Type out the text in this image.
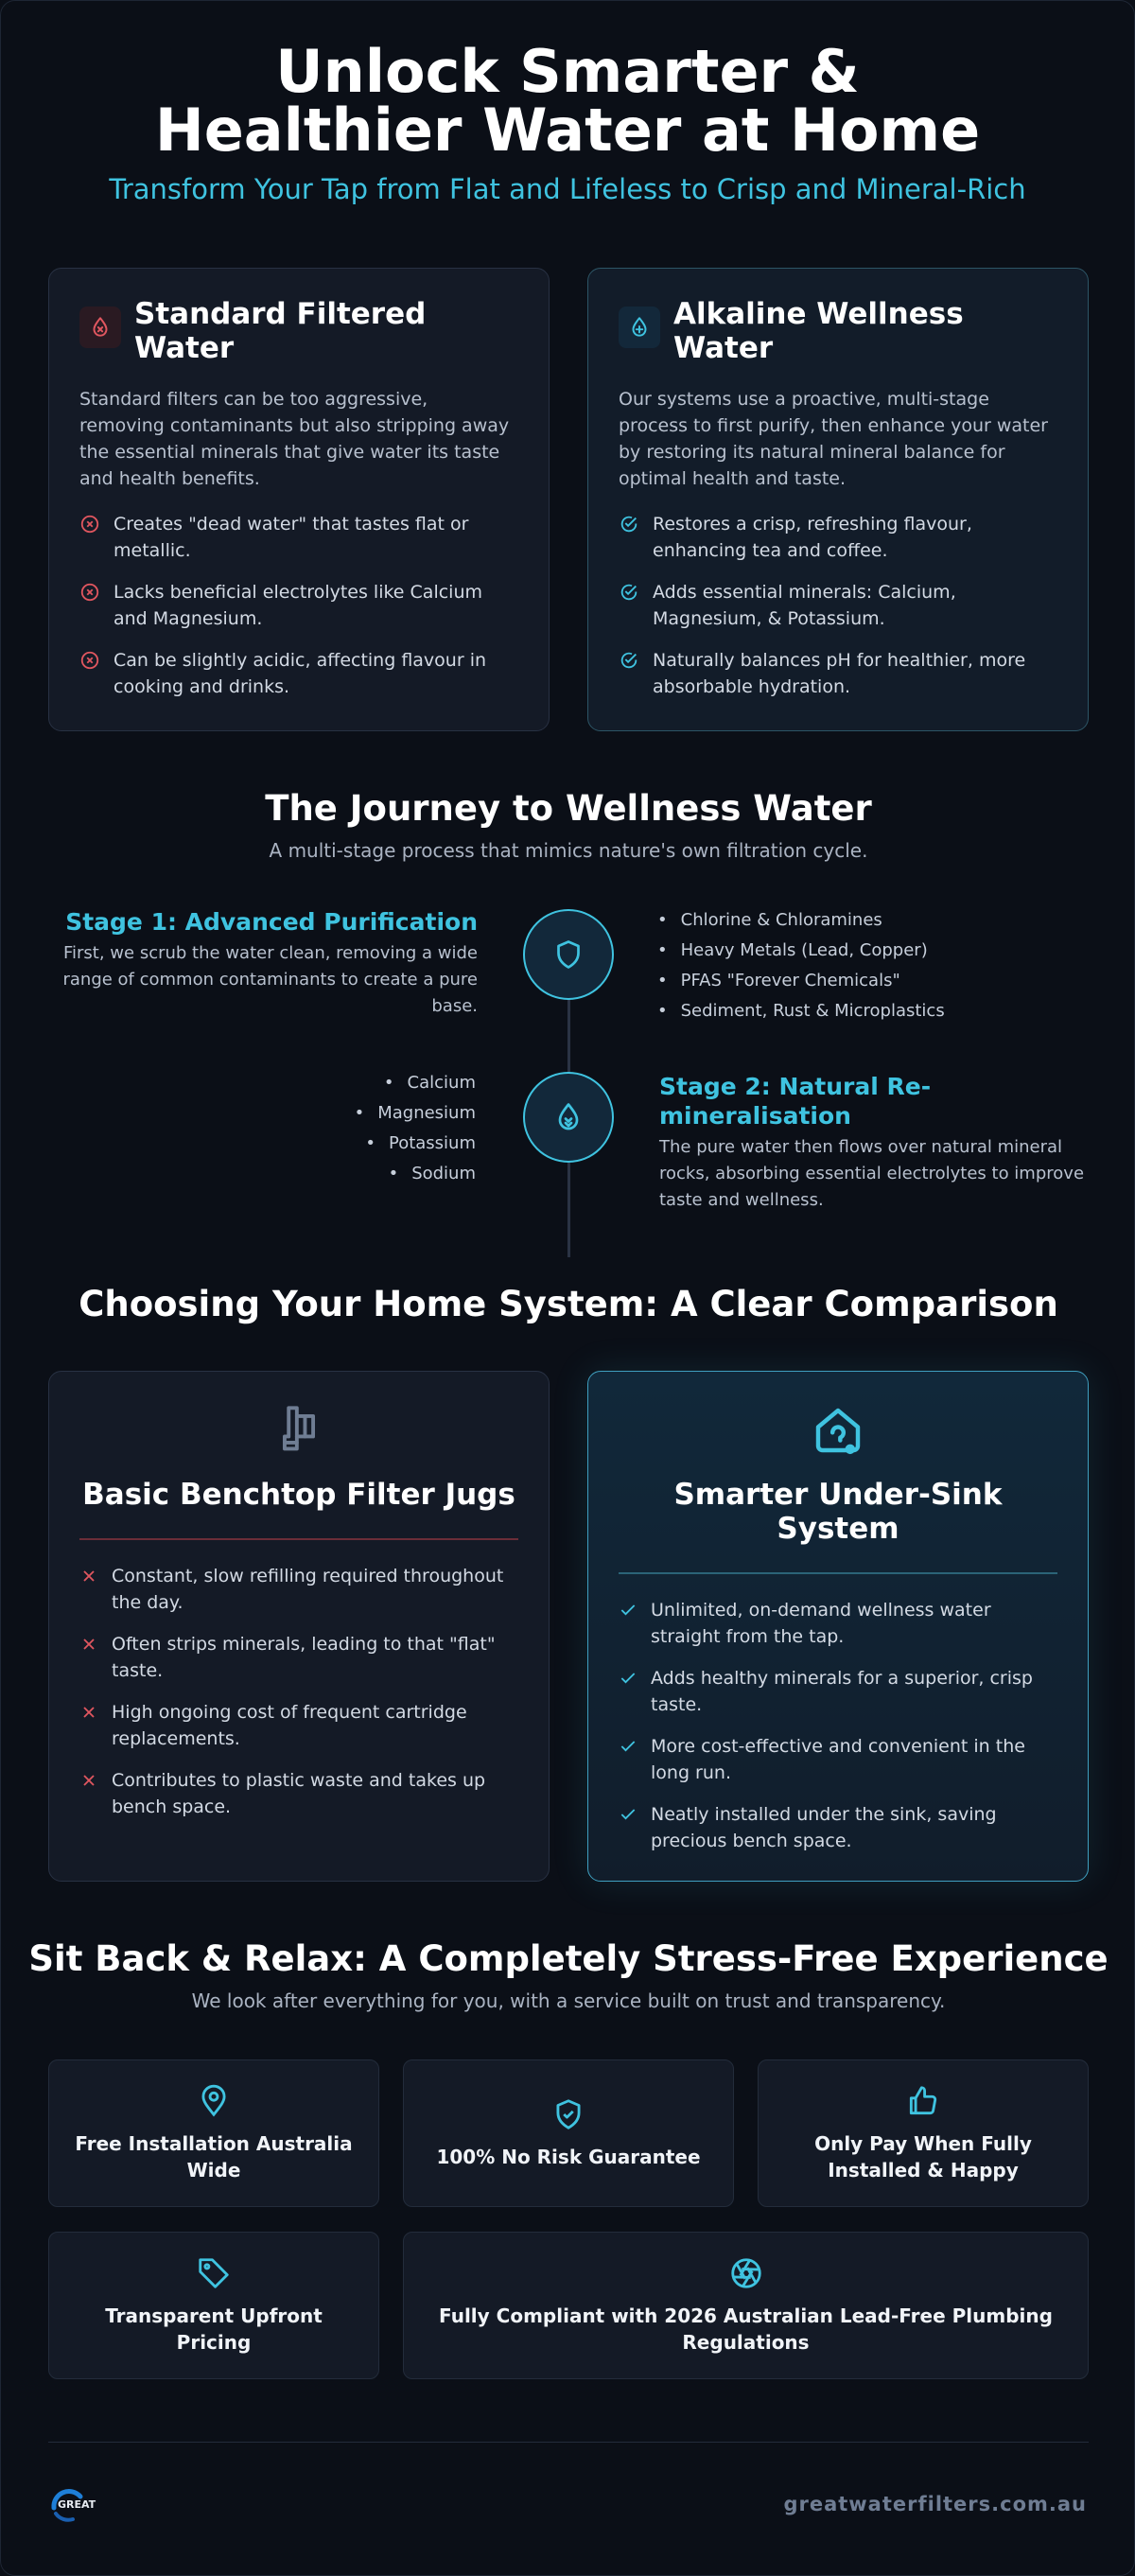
Unlock Smarter & Healthier Water at Home
Transform Your Tap from Flat and Lifeless to Crisp and Mineral-Rich
Standard Filtered Water

Standard filters can be too aggressive, removing contaminants but also stripping away the essential minerals that give water its taste and health benefits.

Creates "dead water" that tastes flat or metallic.
Lacks beneficial electrolytes like Calcium and Magnesium.
Can be slightly acidic, affecting flavour in cooking and drinks.
Alkaline Wellness Water

Our systems use a proactive, multi-stage process to first purify, then enhance your water by restoring its natural mineral balance for optimal health and taste.

Restores a crisp, refreshing flavour, enhancing tea and coffee.
Adds essential minerals: Calcium, Magnesium, & Potassium.
Naturally balances pH for healthier, more absorbable hydration.
The Journey to Wellness Water
A multi-stage process that mimics nature's own filtration cycle.
Stage 1: Advanced Purification
First, we scrub the water clean, removing a wide range of common contaminants to create a pure base.
• Chlorine & Chloramines
• Heavy Metals (Lead, Copper)
• PFAS "Forever Chemicals"
• Sediment, Rust & Microplastics
• Calcium
• Magnesium
• Potassium
• Sodium
Stage 2: Natural Re-mineralisation
The pure water then flows over natural mineral rocks, absorbing essential electrolytes to improve taste and wellness.
Choosing Your Home System: A Clear Comparison
Basic Benchtop Filter Jugs
Constant, slow refilling required throughout the day.
Often strips minerals, leading to that "flat" taste.
High ongoing cost of frequent cartridge replacements.
Contributes to plastic waste and takes up bench space.
Smarter Under-Sink System
Unlimited, on-demand wellness water straight from the tap.
Adds healthy minerals for a superior, crisp taste.
More cost-effective and convenient in the long run.
Neatly installed under the sink, saving precious bench space.
Sit Back & Relax: A Completely Stress-Free Experience
We look after everything for you, with a service built on trust and transparency.
Free Installation Australia Wide
100% No Risk Guarantee
Only Pay When Fully Installed & Happy
Transparent Upfront Pricing
Fully Compliant with 2026 Australian Lead-Free Plumbing Regulations
GREAT	greatwaterfilters.com.au
